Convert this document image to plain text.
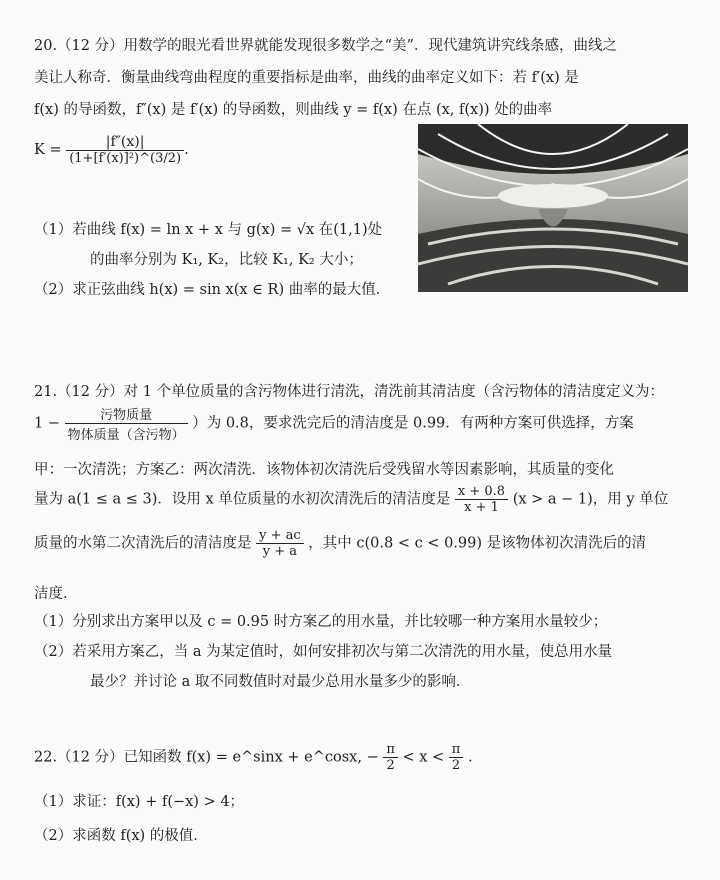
20.（12 分）用数学的眼光看世界就能发现很多数学之“美”．现代建筑讲究线条感，曲线之
美让人称奇．衡量曲线弯曲程度的重要指标是曲率，曲线的曲率定义如下：若 f′(x) 是
f(x) 的导函数，f″(x) 是 f′(x) 的导函数，则曲线 y = f(x) 在点 (x, f(x)) 处的曲率
$K = \frac{|f''(x)|}{\text{(1+[f′(x)]²)\textasciicircum{}(3/2)}}$ .
（1）若曲线 f(x) = ln x + x 与 g(x) = √x 在(1,1)处
的曲率分别为 K₁, K₂，比较 K₁, K₂ 大小；
（2）求正弦曲线 h(x) = sin x(x ∈ R) 曲率的最大值．
21.（12 分）对 1 个单位质量的含污物体进行清洗，清洗前其清洁度（含污物体的清洁度定义为：
$1 - \frac{\text{污物质量}}{\text{物体质量（含污物）}}$ ）为 0.8，要求洗完后的清洁度是 0.99．有两种方案可供选择，方案
甲：一次清洗；方案乙：两次清洗．该物体初次清洗后受残留水等因素影响，其质量的变化
量为 a(1 ≤ a ≤ 3)．设用 x 单位质量的水初次清洗后的清洁度是 $\frac{x + 0.8}{x + 1} (x > a - 1)$，用 y 单位
质量的水第二次清洗后的清洁度是 $\frac{y + ac}{y + a}$ ，其中 c(0.8 < c < 0.99) 是该物体初次清洗后的清
洁度．
（1）分别求出方案甲以及 c = 0.95 时方案乙的用水量，并比较哪一种方案用水量较少；
（2）若采用方案乙，当 a 为某定值时，如何安排初次与第二次清洗的用水量，使总用水量
最少？并讨论 a 取不同数值时对最少总用水量多少的影响．
22.（12 分）已知函数 f(x) = e^sinx + e^cosx, − $\frac{\pi}{2} < x < \frac{\pi}{2}$ .
（1）求证：f(x) + f(−x) > 4；
（2）求函数 f(x) 的极值．
